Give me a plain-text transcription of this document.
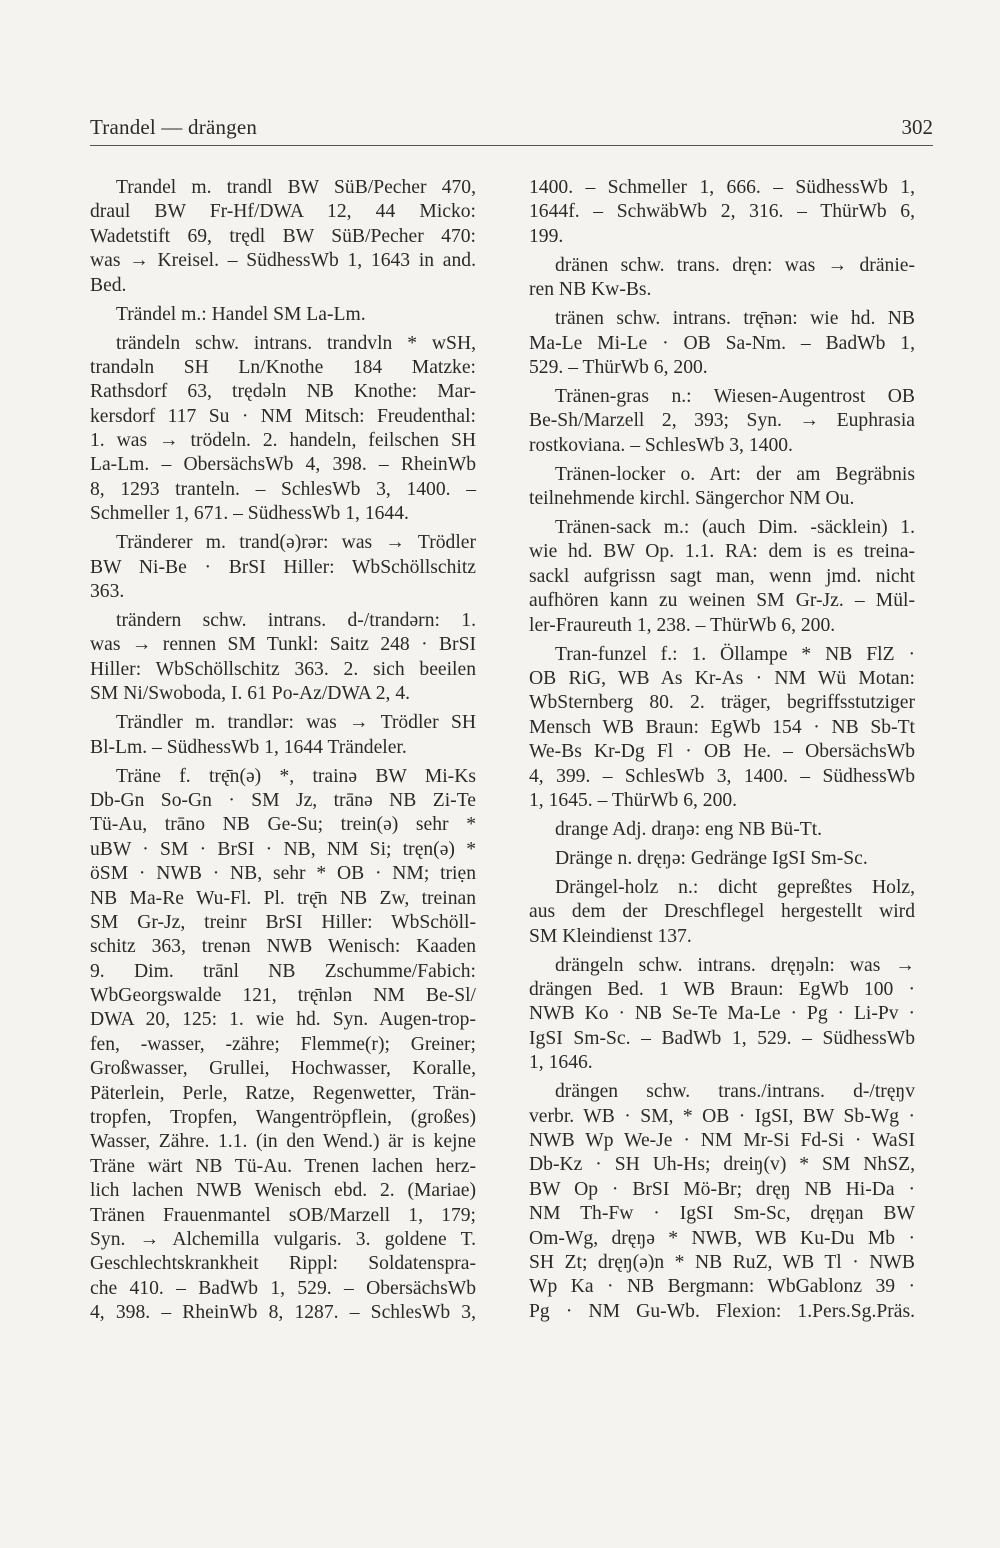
Trandel — drängen	302
Trandel m. trandl BW SüB/Pecher 470,
draul BW Fr-Hf/DWA 12, 44 Micko:
Wadetstift 69, trędl BW SüB/Pecher 470:
was → Kreisel. – SüdhessWb 1, 1643 in and.
Bed.
Trändel m.: Handel SM La-Lm.
trändeln schw. intrans. trandvln * wSH,
trandəln SH Ln/Knothe 184 Matzke:
Rathsdorf 63, trędəln NB Knothe: Mar-
kersdorf 117 Su · NM Mitsch: Freudenthal:
1. was → trödeln. 2. handeln, feilschen SH
La-Lm. – ObersächsWb 4, 398. – RheinWb
8, 1293 tranteln. – SchlesWb 3, 1400. –
Schmeller 1, 671. – SüdhessWb 1, 1644.
Tränderer m. trand(ə)rər: was → Trödler
BW Ni-Be · BrSI Hiller: WbSchöllschitz
363.
trändern schw. intrans. d-/trandərn: 1.
was → rennen SM Tunkl: Saitz 248 · BrSI
Hiller: WbSchöllschitz 363. 2. sich beeilen
SM Ni/Swoboda, I. 61 Po-Az/DWA 2, 4.
Trändler m. trandlər: was → Trödler SH
Bl-Lm. – SüdhessWb 1, 1644 Trändeler.
Träne f. trę̄n(ə) *, trainə BW Mi-Ks
Db-Gn So-Gn · SM Jz, trānə NB Zi-Te
Tü-Au, trāno NB Ge-Su; trein(ə) sehr *
uBW · SM · BrSI · NB, NM Si; tręn(ə) *
öSM · NWB · NB, sehr * OB · NM; triẹn
NB Ma-Re Wu-Fl. Pl. trę̄n NB Zw, treinan
SM Gr-Jz, treinr BrSI Hiller: WbSchöll-
schitz 363, trenən NWB Wenisch: Kaaden
9. Dim. trānl NB Zschumme/Fabich:
WbGeorgswalde 121, trę̄nlən NM Be-Sl/
DWA 20, 125: 1. wie hd. Syn. Augen-trop-
fen, -wasser, -zähre; Flemme(r); Greiner;
Großwasser, Grullei, Hochwasser, Koralle,
Päterlein, Perle, Ratze, Regenwetter, Trän-
tropfen, Tropfen, Wangentröpflein, (großes)
Wasser, Zähre. 1.1. (in den Wend.) är is kejne
Träne wärt NB Tü-Au. Trenen lachen herz-
lich lachen NWB Wenisch ebd. 2. (Mariae)
Tränen Frauenmantel sOB/Marzell 1, 179;
Syn. → Alchemilla vulgaris. 3. goldene T.
Geschlechtskrankheit Rippl: Soldatenspra-
che 410. – BadWb 1, 529. – ObersächsWb
4, 398. – RheinWb 8, 1287. – SchlesWb 3,
1400. – Schmeller 1, 666. – SüdhessWb 1,
1644f. – SchwäbWb 2, 316. – ThürWb 6,
199.
dränen schw. trans. dręn: was → dränie-
ren NB Kw-Bs.
tränen schw. intrans. trę̄nən: wie hd. NB
Ma-Le Mi-Le · OB Sa-Nm. – BadWb 1,
529. – ThürWb 6, 200.
Tränen-gras n.: Wiesen-Augentrost OB
Be-Sh/Marzell 2, 393; Syn. → Euphrasia
rostkoviana. – SchlesWb 3, 1400.
Tränen-locker o. Art: der am Begräbnis
teilnehmende kirchl. Sängerchor NM Ou.
Tränen-sack m.: (auch Dim. -säcklein) 1.
wie hd. BW Op. 1.1. RA: dem is es treina-
sackl aufgrissn sagt man, wenn jmd. nicht
aufhören kann zu weinen SM Gr-Jz. – Mül-
ler-Fraureuth 1, 238. – ThürWb 6, 200.
Tran-funzel f.: 1. Öllampe * NB FlZ ·
OB RiG, WB As Kr-As · NM Wü Motan:
WbSternberg 80. 2. träger, begriffsstutziger
Mensch WB Braun: EgWb 154 · NB Sb-Tt
We-Bs Kr-Dg Fl · OB He. – ObersächsWb
4, 399. – SchlesWb 3, 1400. – SüdhessWb
1, 1645. – ThürWb 6, 200.
drange Adj. draŋə: eng NB Bü-Tt.
Dränge n. dręŋə: Gedränge IgSI Sm-Sc.
Drängel-holz n.: dicht gepreßtes Holz,
aus dem der Dreschflegel hergestellt wird
SM Kleindienst 137.
drängeln schw. intrans. dręŋəln: was →
drängen Bed. 1 WB Braun: EgWb 100 ·
NWB Ko · NB Se-Te Ma-Le · Pg · Li-Pv ·
IgSI Sm-Sc. – BadWb 1, 529. – SüdhessWb
1, 1646.
drängen schw. trans./intrans. d-/tręŋv
verbr. WB · SM, * OB · IgSI, BW Sb-Wg ·
NWB Wp We-Je · NM Mr-Si Fd-Si · WaSI
Db-Kz · SH Uh-Hs; dreiŋ(v) * SM NhSZ,
BW Op · BrSI Mö-Br; dręŋ NB Hi-Da ·
NM Th-Fw · IgSI Sm-Sc, dręŋan BW
Om-Wg, dręŋə * NWB, WB Ku-Du Mb ·
SH Zt; dręŋ(ə)n * NB RuZ, WB Tl · NWB
Wp Ka · NB Bergmann: WbGablonz 39 ·
Pg · NM Gu-Wb. Flexion: 1.Pers.Sg.Präs.
